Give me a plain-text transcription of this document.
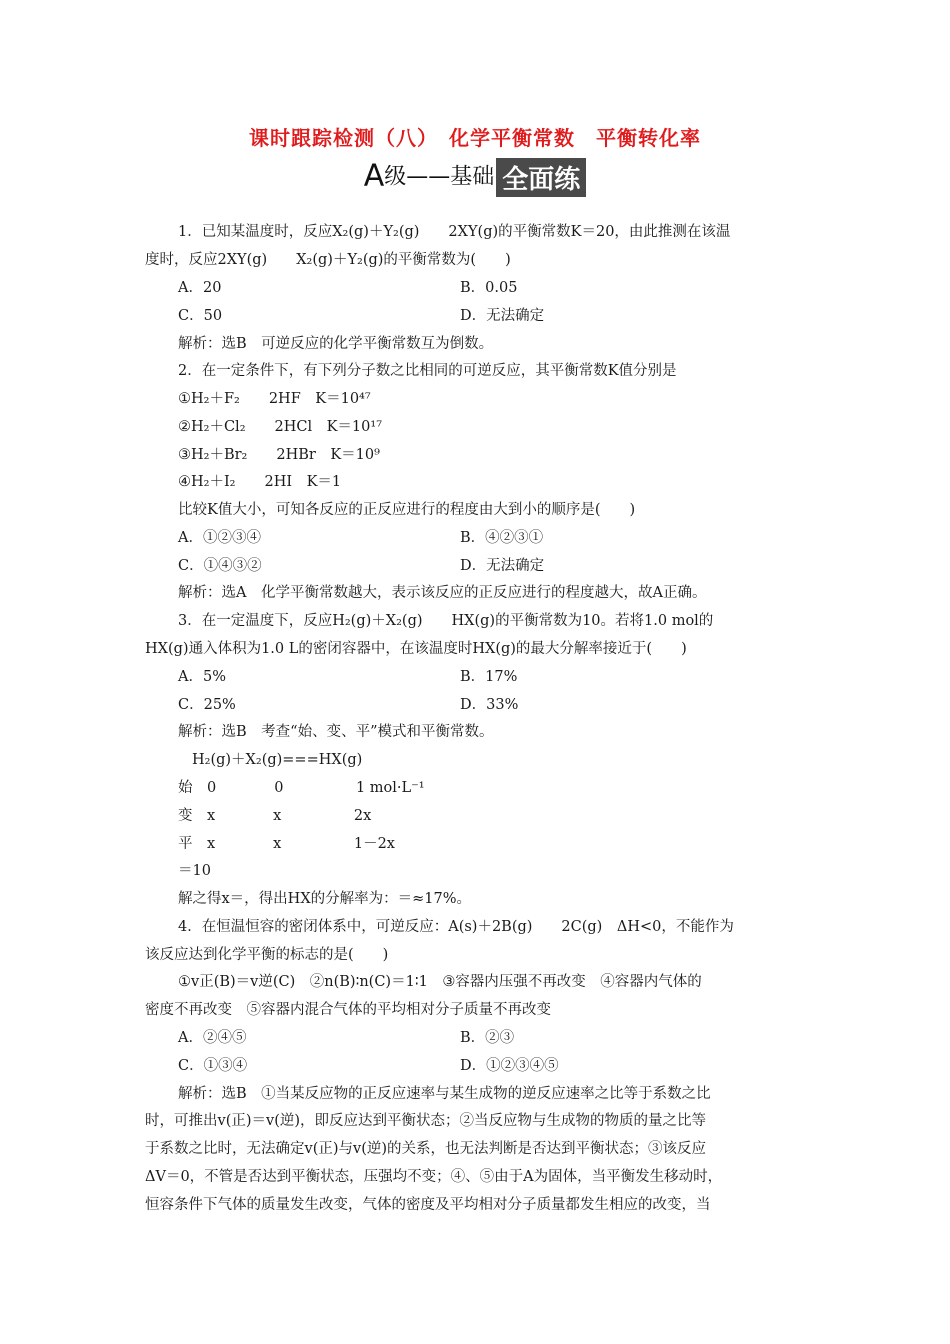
课时跟踪检测（八）　化学平衡常数　平衡转化率
A级——基础 全面练
1．已知某温度时，反应X₂(g)＋Y₂(g)　　2XY(g)的平衡常数K＝20，由此推测在该温
度时，反应2XY(g)　　X₂(g)＋Y₂(g)的平衡常数为(　　)
A．20	B．0.05
C．50	D．无法确定
解析：选B　可逆反应的化学平衡常数互为倒数。
2．在一定条件下，有下列分子数之比相同的可逆反应，其平衡常数K值分别是
①H₂＋F₂　　2HF　K＝10⁴⁷
②H₂＋Cl₂　　2HCl　K＝10¹⁷
③H₂＋Br₂　　2HBr　K＝10⁹
④H₂＋I₂　　2HI　K＝1
比较K值大小，可知各反应的正反应进行的程度由大到小的顺序是(　　)
A．①②③④	B．④②③①
C．①④③②	D．无法确定
解析：选A　化学平衡常数越大，表示该反应的正反应进行的程度越大，故A正确。
3．在一定温度下，反应H₂(g)＋X₂(g)　　HX(g)的平衡常数为10。若将1.0 mol的
HX(g)通入体积为1.0 L的密闭容器中，在该温度时HX(g)的最大分解率接近于(　　)
A．5%	B．17%
C．25%	D．33%
解析：选B　考查“始、变、平”模式和平衡常数。
H₂(g)＋X₂(g)===HX(g)
始　0　　　　0　　　　　1 mol·L⁻¹
变　x　　　　x　　　　　2x
平　x　　　　x　　　　　1－2x
＝10
解之得x＝，得出HX的分解率为：＝≈17%。
4．在恒温恒容的密闭体系中，可逆反应：A(s)＋2B(g)　　2C(g)　ΔH<0，不能作为
该反应达到化学平衡的标志的是(　　)
①v正(B)＝v逆(C)　②n(B)∶n(C)＝1∶1　③容器内压强不再改变　④容器内气体的
密度不再改变　⑤容器内混合气体的平均相对分子质量不再改变
A．②④⑤	B．②③
C．①③④	D．①②③④⑤
解析：选B　①当某反应物的正反应速率与某生成物的逆反应速率之比等于系数之比
时，可推出v(正)＝v(逆)，即反应达到平衡状态；②当反应物与生成物的物质的量之比等
于系数之比时，无法确定v(正)与v(逆)的关系，也无法判断是否达到平衡状态；③该反应
ΔV＝0，不管是否达到平衡状态，压强均不变；④、⑤由于A为固体，当平衡发生移动时，
恒容条件下气体的质量发生改变，气体的密度及平均相对分子质量都发生相应的改变，当
